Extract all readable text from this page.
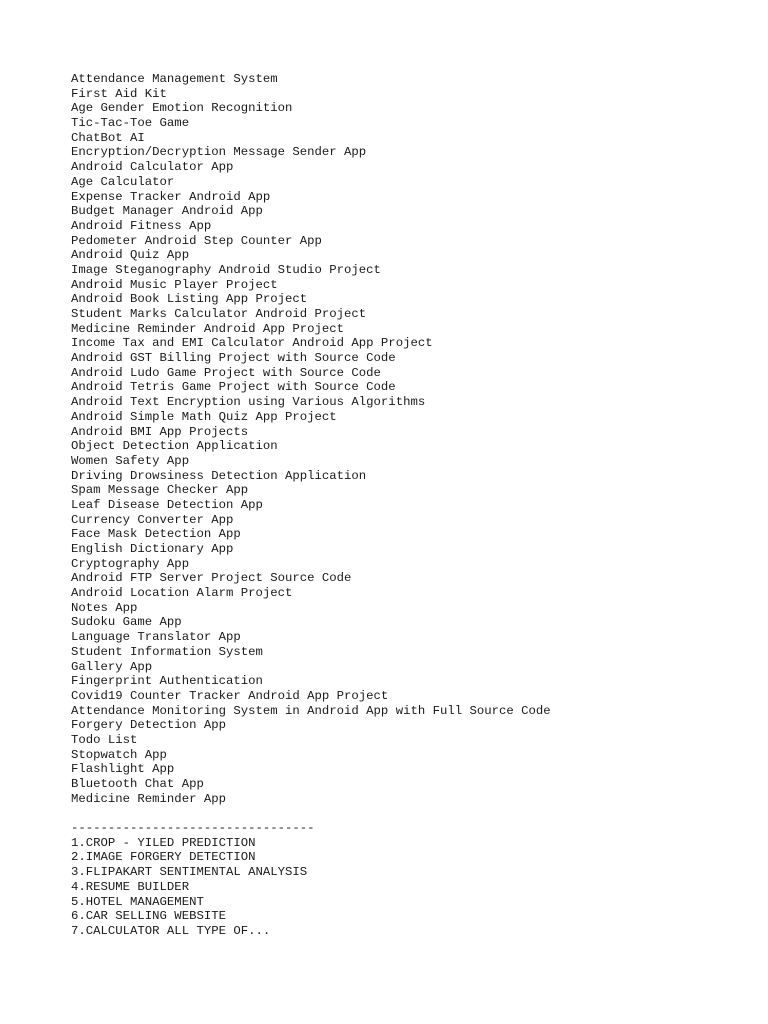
Attendance Management System
First Aid Kit
Age Gender Emotion Recognition
Tic-Tac-Toe Game
ChatBot AI
Encryption/Decryption Message Sender App
Android Calculator App
Age Calculator
Expense Tracker Android App
Budget Manager Android App
Android Fitness App
Pedometer Android Step Counter App
Android Quiz App
Image Steganography Android Studio Project
Android Music Player Project
Android Book Listing App Project
Student Marks Calculator Android Project
Medicine Reminder Android App Project
Income Tax and EMI Calculator Android App Project
Android GST Billing Project with Source Code
Android Ludo Game Project with Source Code
Android Tetris Game Project with Source Code
Android Text Encryption using Various Algorithms
Android Simple Math Quiz App Project
Android BMI App Projects
Object Detection Application
Women Safety App
Driving Drowsiness Detection Application
Spam Message Checker App
Leaf Disease Detection App
Currency Converter App
Face Mask Detection App
English Dictionary App
Cryptography App
Android FTP Server Project Source Code
Android Location Alarm Project
Notes App
Sudoku Game App
Language Translator App
Student Information System
Gallery App
Fingerprint Authentication
Covid19 Counter Tracker Android App Project
Attendance Monitoring System in Android App with Full Source Code
Forgery Detection App
Todo List
Stopwatch App
Flashlight App
Bluetooth Chat App
Medicine Reminder App
---------------------------------
1.CROP - YILED PREDICTION
2.IMAGE FORGERY DETECTION
3.FLIPAKART SENTIMENTAL ANALYSIS
4.RESUME BUILDER
5.HOTEL MANAGEMENT
6.CAR SELLING WEBSITE
7.CALCULATOR ALL TYPE OF...
